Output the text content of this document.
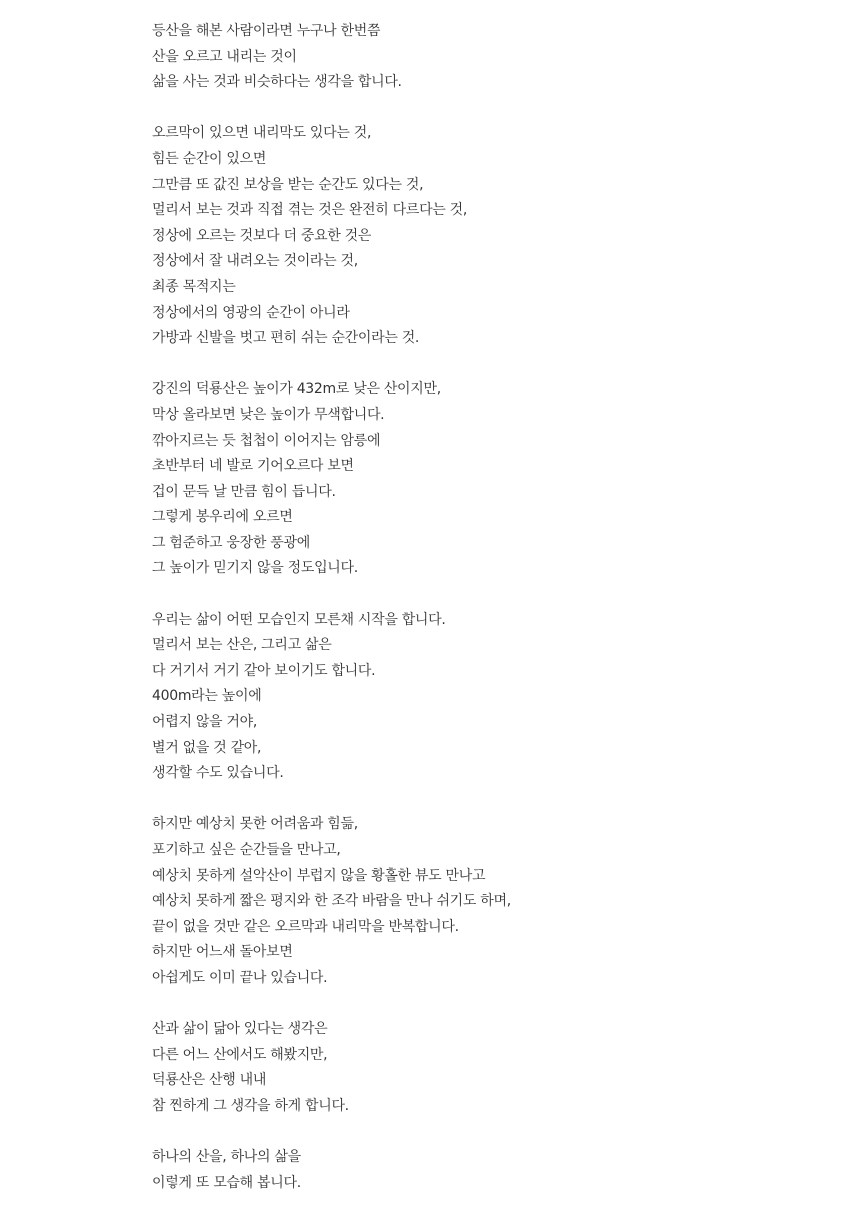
등산을 해본 사람이라면 누구나 한번쯤
산을 오르고 내리는 것이
삶을 사는 것과 비슷하다는 생각을 합니다.
오르막이 있으면 내리막도 있다는 것,
힘든 순간이 있으면
그만큼 또 값진 보상을 받는 순간도 있다는 것,
멀리서 보는 것과 직접 겪는 것은 완전히 다르다는 것,
정상에 오르는 것보다 더 중요한 것은
정상에서 잘 내려오는 것이라는 것,
최종 목적지는
정상에서의 영광의 순간이 아니라
가방과 신발을 벗고 편히 쉬는 순간이라는 것.
강진의 덕룡산은 높이가 432m로 낮은 산이지만,
막상 올라보면 낮은 높이가 무색합니다.
깎아지르는 듯 첩첩이 이어지는 암릉에
초반부터 네 발로 기어오르다 보면
겁이 문득 날 만큼 힘이 듭니다.
그렇게 봉우리에 오르면
그 험준하고 웅장한 풍광에
그 높이가 믿기지 않을 정도입니다.
우리는 삶이 어떤 모습인지 모른채 시작을 합니다.
멀리서 보는 산은, 그리고 삶은
다 거기서 거기 같아 보이기도 합니다.
400m라는 높이에
어렵지 않을 거야,
별거 없을 것 같아,
생각할 수도 있습니다.
하지만 예상치 못한 어려움과 힘듦,
포기하고 싶은 순간들을 만나고,
예상치 못하게 설악산이 부럽지 않을 황홀한 뷰도 만나고
예상치 못하게 짧은 평지와 한 조각 바람을 만나 쉬기도 하며,
끝이 없을 것만 같은 오르막과 내리막을 반복합니다.
하지만 어느새 돌아보면
아쉽게도 이미 끝나 있습니다.
산과 삶이 닮아 있다는 생각은
다른 어느 산에서도 해봤지만,
덕룡산은 산행 내내
참 찐하게 그 생각을 하게 합니다.
하나의 산을, 하나의 삶을
이렇게 또 모습해 봅니다.
